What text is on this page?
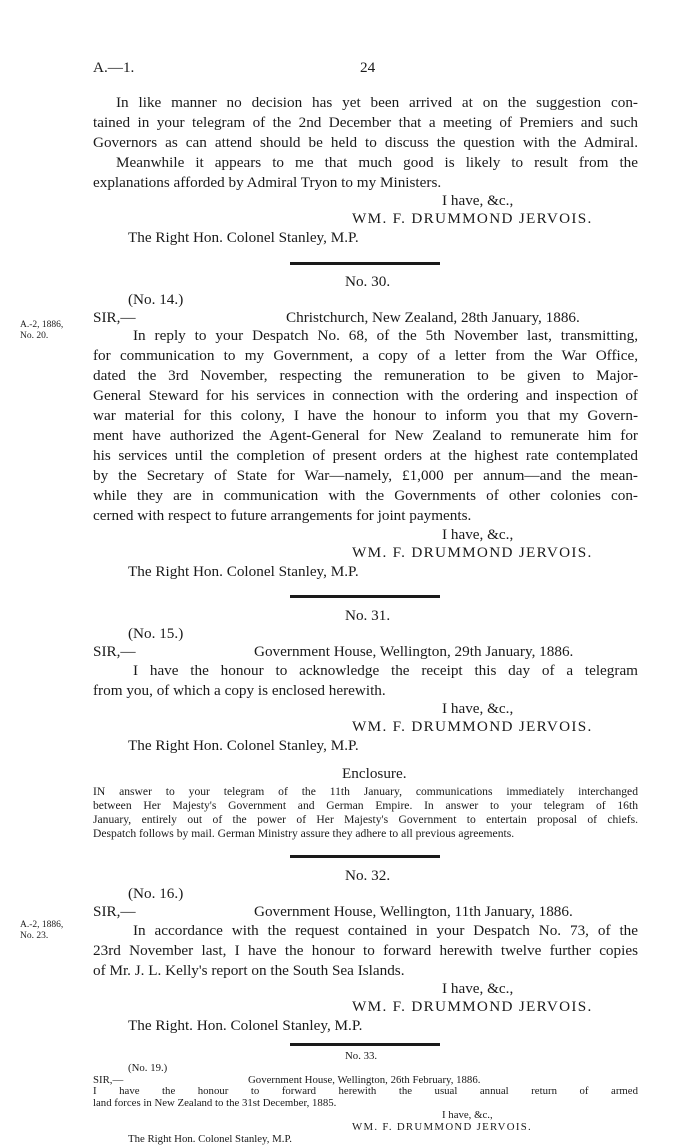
A.—1.	24
In like manner no decision has yet been arrived at on the suggestion con-
tained in your telegram of the 2nd December that a meeting of Premiers and such
Governors as can attend should be held to discuss the question with the Admiral.
Meanwhile it appears to me that much good is likely to result from the
explanations afforded by Admiral Tryon to my Ministers.
I have, &c.,
WM. F. DRUMMOND JERVOIS.
The Right Hon. Colonel Stanley, M.P.
No. 30.
(No. 14.)
SIR,—	Christchurch, New Zealand, 28th January, 1886.
A.-2, 1886,
No. 20.	In reply to your Despatch No. 68, of the 5th November last, transmitting,
for communication to my Government, a copy of a letter from the War Office,
dated the 3rd November, respecting the remuneration to be given to Major-
General Steward for his services in connection with the ordering and inspection of
war material for this colony, I have the honour to inform you that my Govern-
ment have authorized the Agent-General for New Zealand to remunerate him for
his services until the completion of present orders at the highest rate contemplated
by the Secretary of State for War—namely, £1,000 per annum—and the mean-
while they are in communication with the Governments of other colonies con-
cerned with respect to future arrangements for joint payments.
I have, &c.,
WM. F. DRUMMOND JERVOIS.
The Right Hon. Colonel Stanley, M.P.
No. 31.
(No. 15.)
SIR,—	Government House, Wellington, 29th January, 1886.
I have the honour to acknowledge the receipt this day of a telegram
from you, of which a copy is enclosed herewith.
I have, &c.,
WM. F. DRUMMOND JERVOIS.
The Right Hon. Colonel Stanley, M.P.
Enclosure.
IN answer to your telegram of the 11th January, communications immediately interchanged
between Her Majesty's Government and German Empire. In answer to your telegram of 16th
January, entirely out of the power of Her Majesty's Government to entertain proposal of chiefs.
Despatch follows by mail. German Ministry assure they adhere to all previous agreements.
No. 32.
(No. 16.)
SIR,—	Government House, Wellington, 11th January, 1886.
A.-2, 1886,
No. 23.	In accordance with the request contained in your Despatch No. 73, of the
23rd November last, I have the honour to forward herewith twelve further copies
of Mr. J. L. Kelly's report on the South Sea Islands.
I have, &c.,
WM. F. DRUMMOND JERVOIS.
The Right. Hon. Colonel Stanley, M.P.
No. 33.
(No. 19.)
SIR,—	Government House, Wellington, 26th February, 1886.
I have the honour to forward herewith the usual annual return of armed
land forces in New Zealand to the 31st December, 1885.
I have, &c.,
WM. F. DRUMMOND JERVOIS.
The Right Hon. Colonel Stanley, M.P.
